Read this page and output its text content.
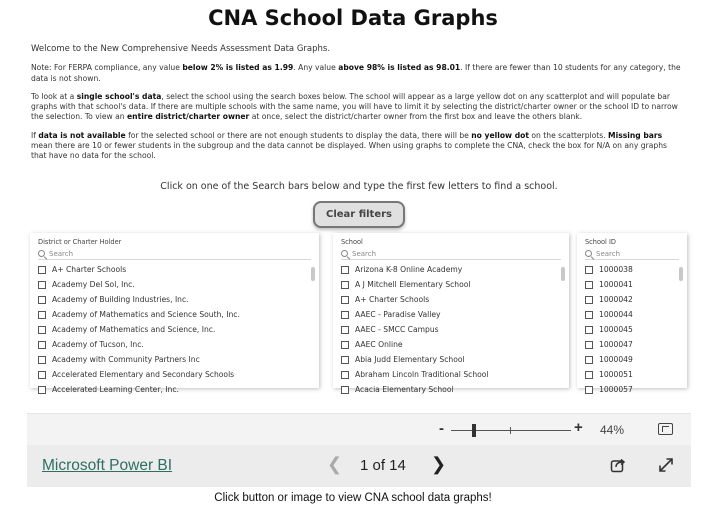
CNA School Data Graphs

Welcome to the New Comprehensive Needs Assessment Data Graphs.

Note: For FERPA compliance, any value below 2% is listed as 1.99. Any value above 98% is listed as 98.01. If there are fewer than 10 students for any category, the data is not shown.

To look at a single school's data, select the school using the search boxes below. The school will appear as a large yellow dot on any scatterplot and will populate bar graphs with that school's data. If there are multiple schools with the same name, you will have to limit it by selecting the district/charter owner or the school ID to narrow the selection. To view an entire district/charter owner at once, select the district/charter owner from the first box and leave the others blank.

If data is not available for the selected school or there are not enough students to display the data, there will be no yellow dot on the scatterplots. Missing bars mean there are 10 or fewer students in the subgroup and the data cannot be displayed. When using graphs to complete the CNA, check the box for N/A on any graphs that have no data for the school.

Click on one of the Search bars below and type the first few letters to find a school.
Clear filters
District or Charter Holder
Search
A+ Charter Schools
Academy Del Sol, Inc.
Academy of Building Industries, Inc.
Academy of Mathematics and Science South, Inc.
Academy of Mathematics and Science, Inc.
Academy of Tucson, Inc.
Academy with Community Partners Inc
Accelerated Elementary and Secondary Schools
Accelerated Learning Center, Inc.
School
Search
Arizona K-8 Online Academy
A J Mitchell Elementary School
A+ Charter Schools
AAEC - Paradise Valley
AAEC - SMCC Campus
AAEC Online
Abia Judd Elementary School
Abraham Lincoln Traditional School
Acacia Elementary School
School ID
Search
1000038
1000041
1000042
1000044
1000045
1000047
1000049
1000051
1000057
-	+ 44%
Microsoft Power BI	❮ 1 of 14 ❯
Click button or image to view CNA school data graphs!
